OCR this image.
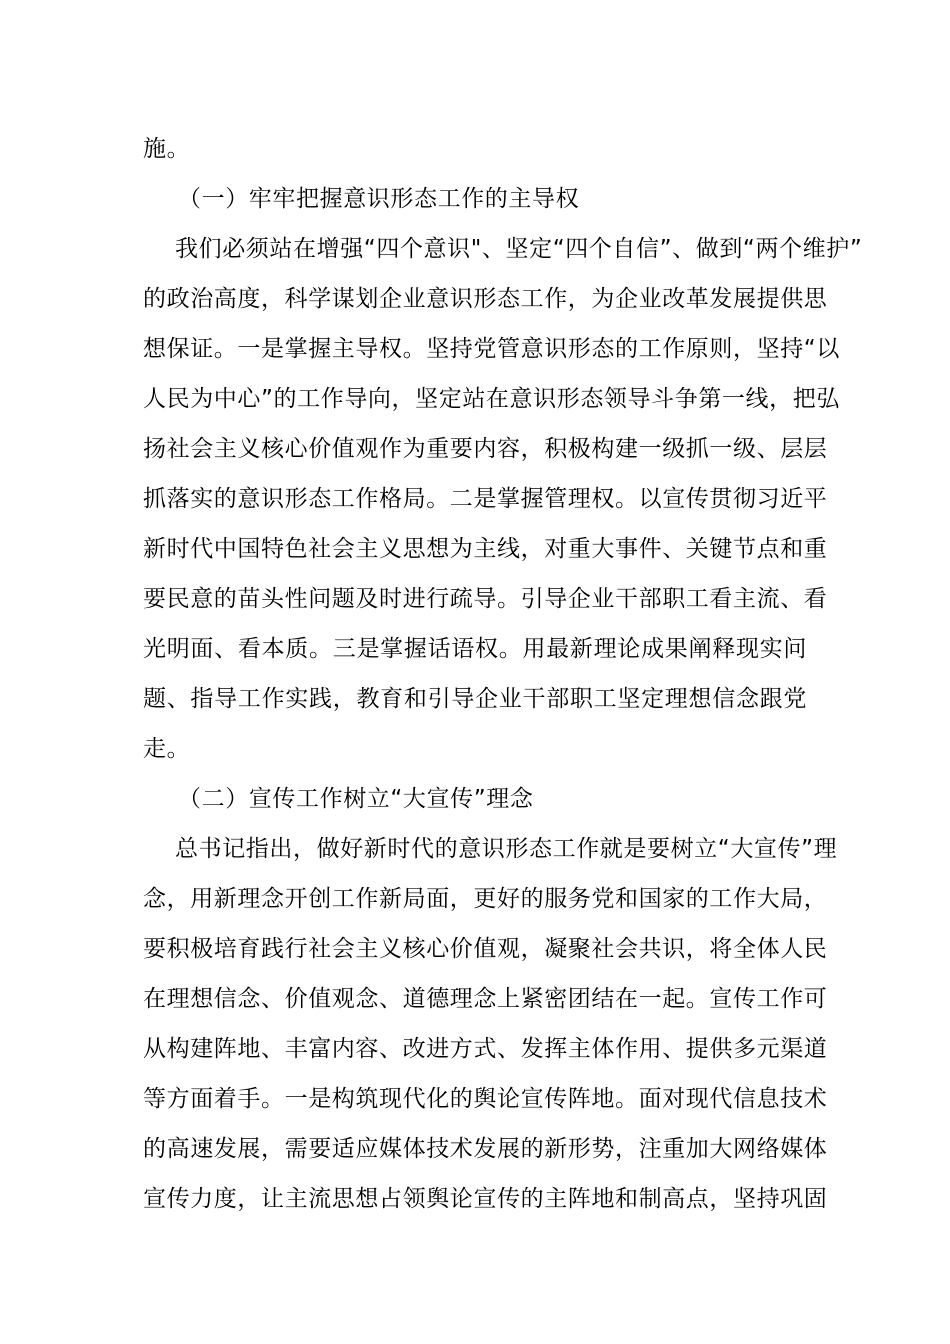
施。
（一）牢牢把握意识形态工作的主导权
我们必须站在增强“四个意识"、坚定“四个自信”、做到“两个维护”
的政治高度，科学谋划企业意识形态工作，为企业改革发展提供思
想保证。一是掌握主导权。坚持党管意识形态的工作原则，坚持“以
人民为中心”的工作导向，坚定站在意识形态领导斗争第一线，把弘
扬社会主义核心价值观作为重要内容，积极构建一级抓一级、层层
抓落实的意识形态工作格局。二是掌握管理权。以宣传贯彻习近平
新时代中国特色社会主义思想为主线，对重大事件、关键节点和重
要民意的苗头性问题及时进行疏导。引导企业干部职工看主流、看
光明面、看本质。三是掌握话语权。用最新理论成果阐释现实问
题、指导工作实践，教育和引导企业干部职工坚定理想信念跟党
走。
（二）宣传工作树立“大宣传”理念
总书记指出，做好新时代的意识形态工作就是要树立“大宣传”理
念，用新理念开创工作新局面，更好的服务党和国家的工作大局，
要积极培育践行社会主义核心价值观，凝聚社会共识，将全体人民
在理想信念、价值观念、道德理念上紧密团结在一起。宣传工作可
从构建阵地、丰富内容、改进方式、发挥主体作用、提供多元渠道
等方面着手。一是构筑现代化的舆论宣传阵地。面对现代信息技术
的高速发展，需要适应媒体技术发展的新形势，注重加大网络媒体
宣传力度，让主流思想占领舆论宣传的主阵地和制高点，坚持巩固
